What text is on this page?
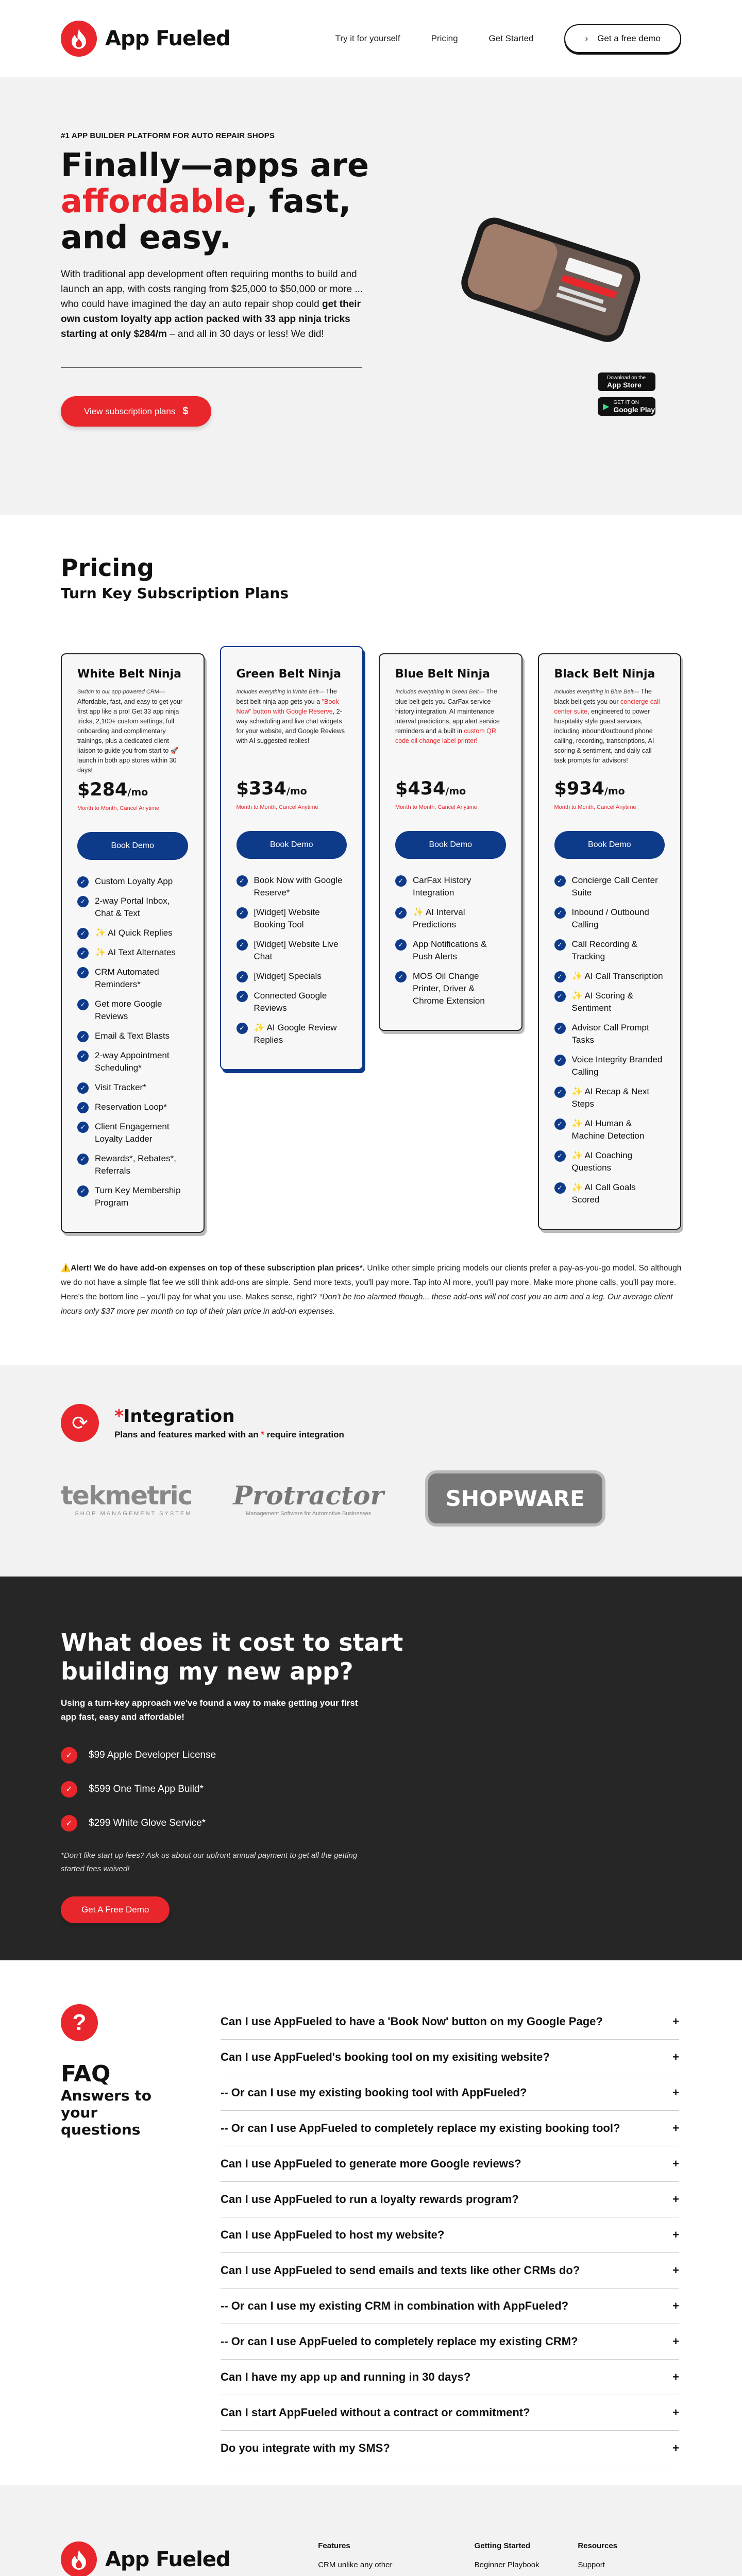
App Fueled	Try it for yourself	Pricing	Get Started	› Get a free demo
#1 APP BUILDER PLATFORM FOR AUTO REPAIR SHOPS
Finally—apps are
affordable, fast,
and easy.

With traditional app development often requiring months to build and launch an app, with costs ranging from $25,000 to $50,000 or more ... who could have imagined the day an auto repair shop could get their own custom loyalty app action packed with 33 app ninja tricks starting at only $284/m – and all in 30 days or less! We did!

View subscription plans $
Download on the
App Store
▶ GET IT ON
Google Play
Pricing
Turn Key Subscription Plans
White Belt Ninja
Switch to our app-powered CRM— Affordable, fast, and easy to get your first app like a pro! Get 33 app ninja tricks, 2,100+ custom settings, full onboarding and complimentary trainings, plus a dedicated client liaison to guide you from start to 🚀 launch in both app stores within 30 days!
$284/mo
Month to Month, Cancel Anytime
Book Demo
✓	Custom Loyalty App
✓	2-way Portal Inbox, Chat & Text
✓	✨ AI Quick Replies
✓	✨ AI Text Alternates
✓	CRM Automated Reminders*
✓	Get more Google Reviews
✓	Email & Text Blasts
✓	2-way Appointment Scheduling*
✓	Visit Tracker*
✓	Reservation Loop*
✓	Client Engagement Loyalty Ladder
✓	Rewards*, Rebates*, Referrals
✓	Turn Key Membership Program
Green Belt Ninja
Includes everything in White Belt— The best belt ninja app gets you a "Book Now" button with Google Reserve, 2-way scheduling and live chat widgets for your website, and Google Reviews with AI suggested replies!
$334/mo
Month to Month, Cancel Anytime
Book Demo
✓	Book Now with Google Reserve*
✓	[Widget] Website Booking Tool
✓	[Widget] Website Live Chat
✓	[Widget] Specials
✓	Connected Google Reviews
✓	✨ AI Google Review Replies
Blue Belt Ninja
Includes everything in Green Belt— The blue belt gets you CarFax service history integration, AI maintenance interval predictions, app alert service reminders and a built in custom QR code oil change label printer!
$434/mo
Month to Month, Cancel Anytime
Book Demo
✓	CarFax History Integration
✓	✨ AI Interval Predictions
✓	App Notifications & Push Alerts
✓	MOS Oil Change Printer, Driver & Chrome Extension
Black Belt Ninja
Includes everything in Blue Belt— The black belt gets you our concierge call center suite, engineered to power hospitality style guest services, including inbound/outbound phone calling, recording, transcriptions, AI scoring & sentiment, and daily call task prompts for advisors!
$934/mo
Month to Month, Cancel Anytime
Book Demo
✓	Concierge Call Center Suite
✓	Inbound / Outbound Calling
✓	Call Recording & Tracking
✓	✨ AI Call Transcription
✓	✨ AI Scoring & Sentiment
✓	Advisor Call Prompt Tasks
✓	Voice Integrity Branded Calling
✓	✨ AI Recap & Next Steps
✓	✨ AI Human & Machine Detection
✓	✨ AI Coaching Questions
✓	✨ AI Call Goals Scored
⚠️Alert! We do have add-on expenses on top of these subscription plan prices*. Unlike other simple pricing models our clients prefer a pay-as-you-go model. So although we do not have a simple flat fee we still think add-ons are simple. Send more texts, you'll pay more. Tap into AI more, you'll pay more. Make more phone calls, you'll pay more. Here's the bottom line – you'll pay for what you use. Makes sense, right? *Don't be too alarmed though... these add-ons will not cost you an arm and a leg. Our average client incurs only $37 more per month on top of their plan price in add-on expenses.
⟳	*Integration
Plans and features marked with an * require integration
tekmetric
SHOP MANAGEMENT SYSTEM
Protractor
Management Software for Automotive Businesses
SHOPWARE
What does it cost to start building my new app?
Using a turn-key approach we've found a way to make getting your first app fast, easy and affordable!
✓	$99 Apple Developer License
✓	$599 One Time App Build*
✓	$299 White Glove Service*
*Don't like start up fees? Ask us about our upfront annual payment to get all the getting started fees waived!
Get A Free Demo
?
FAQ
Answers to your questions
Can I use AppFueled to have a 'Book Now' button on my Google Page?	+
Can I use AppFueled's booking tool on my exisiting website?	+
-- Or can I use my existing booking tool with AppFueled?	+
-- Or can I use AppFueled to completely replace my existing booking tool?	+
Can I use AppFueled to generate more Google reviews?	+
Can I use AppFueled to run a loyalty rewards program?	+
Can I use AppFueled to host my website?	+
Can I use AppFueled to send emails and texts like other CRMs do?	+
-- Or can I use my existing CRM in combination with AppFueled?	+
-- Or can I use AppFueled to completely replace my existing CRM?	+
Can I have my app up and running in 30 days?	+
Can I start AppFueled without a contract or commitment?	+
Do you integrate with my SMS?	+
App Fueled

Features
CRM unlike any other
Getting Started
Beginner Playbook
Resources
Support
